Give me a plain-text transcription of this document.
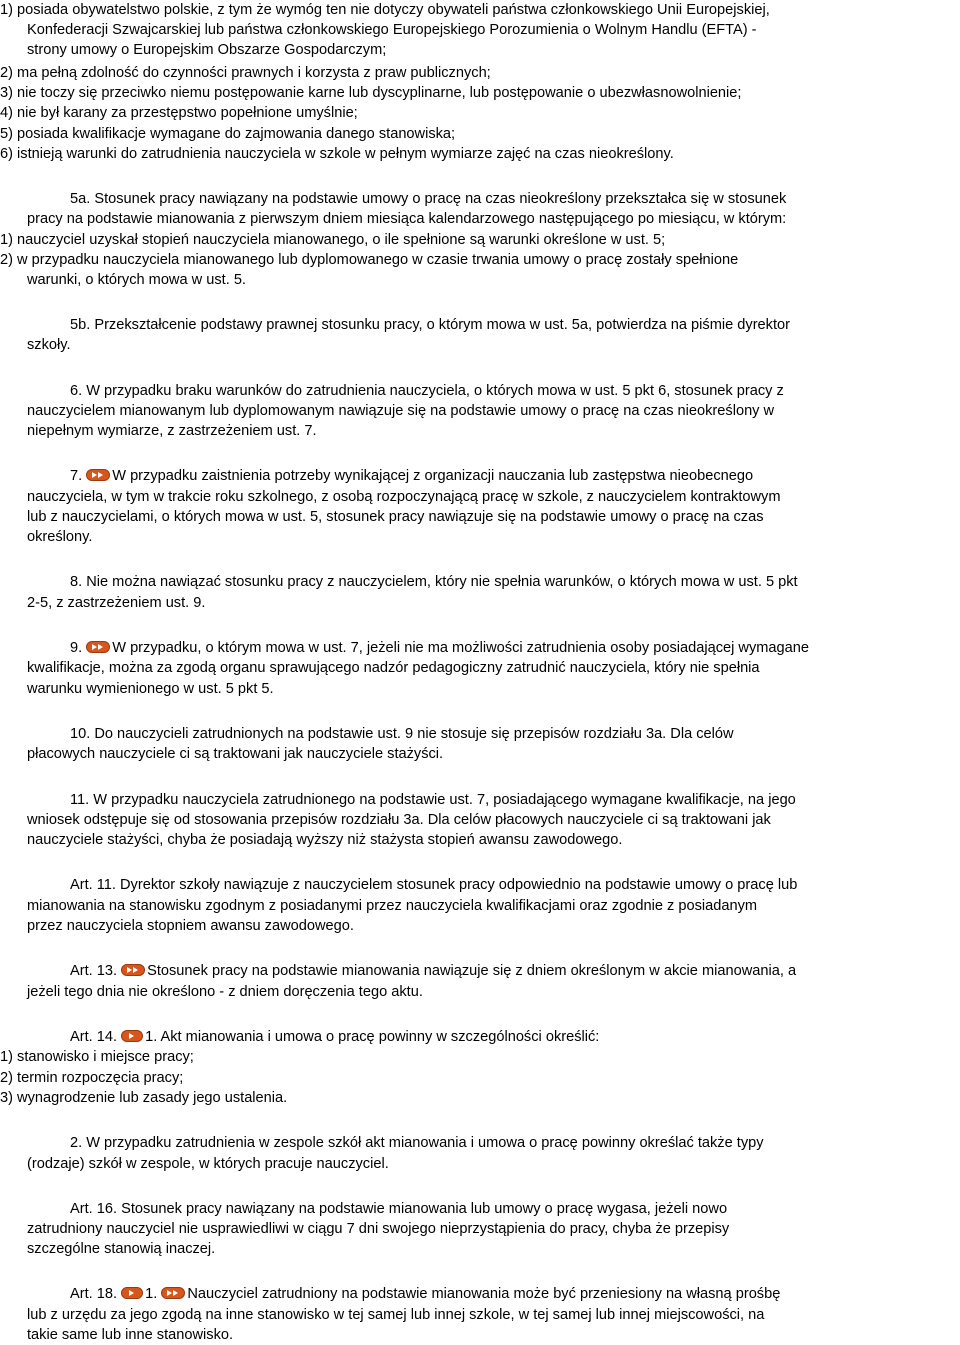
1) posiada obywatelstwo polskie, z tym że wymóg ten nie dotyczy obywateli państwa członkowskiego Unii Europejskiej,
Konfederacji Szwajcarskiej lub państwa członkowskiego Europejskiego Porozumienia o Wolnym Handlu (EFTA) -
strony umowy o Europejskim Obszarze Gospodarczym;
2) ma pełną zdolność do czynności prawnych i korzysta z praw publicznych;
3) nie toczy się przeciwko niemu postępowanie karne lub dyscyplinarne, lub postępowanie o ubezwłasnowolnienie;
4) nie był karany za przestępstwo popełnione umyślnie;
5) posiada kwalifikacje wymagane do zajmowania danego stanowiska;
6) istnieją warunki do zatrudnienia nauczyciela w szkole w pełnym wymiarze zajęć na czas nieokreślony.
5a. Stosunek pracy nawiązany na podstawie umowy o pracę na czas nieokreślony przekształca się w stosunek
pracy na podstawie mianowania z pierwszym dniem miesiąca kalendarzowego następującego po miesiącu, w którym:
1) nauczyciel uzyskał stopień nauczyciela mianowanego, o ile spełnione są warunki określone w ust. 5;
2) w przypadku nauczyciela mianowanego lub dyplomowanego w czasie trwania umowy o pracę zostały spełnione
warunki, o których mowa w ust. 5.
5b. Przekształcenie podstawy prawnej stosunku pracy, o którym mowa w ust. 5a, potwierdza na piśmie dyrektor
szkoły.
6. W przypadku braku warunków do zatrudnienia nauczyciela, o których mowa w ust. 5 pkt 6, stosunek pracy z
nauczycielem mianowanym lub dyplomowanym nawiązuje się na podstawie umowy o pracę na czas nieokreślony w
niepełnym wymiarze, z zastrzeżeniem ust. 7.
7. W przypadku zaistnienia potrzeby wynikającej z organizacji nauczania lub zastępstwa nieobecnego
nauczyciela, w tym w trakcie roku szkolnego, z osobą rozpoczynającą pracę w szkole, z nauczycielem kontraktowym
lub z nauczycielami, o których mowa w ust. 5, stosunek pracy nawiązuje się na podstawie umowy o pracę na czas
określony.
8. Nie można nawiązać stosunku pracy z nauczycielem, który nie spełnia warunków, o których mowa w ust. 5 pkt
2-5, z zastrzeżeniem ust. 9.
9. W przypadku, o którym mowa w ust. 7, jeżeli nie ma możliwości zatrudnienia osoby posiadającej wymagane
kwalifikacje, można za zgodą organu sprawującego nadzór pedagogiczny zatrudnić nauczyciela, który nie spełnia
warunku wymienionego w ust. 5 pkt 5.
10. Do nauczycieli zatrudnionych na podstawie ust. 9 nie stosuje się przepisów rozdziału 3a. Dla celów
płacowych nauczyciele ci są traktowani jak nauczyciele stażyści.
11. W przypadku nauczyciela zatrudnionego na podstawie ust. 7, posiadającego wymagane kwalifikacje, na jego
wniosek odstępuje się od stosowania przepisów rozdziału 3a. Dla celów płacowych nauczyciele ci są traktowani jak
nauczyciele stażyści, chyba że posiadają wyższy niż stażysta stopień awansu zawodowego.
Art. 11. Dyrektor szkoły nawiązuje z nauczycielem stosunek pracy odpowiednio na podstawie umowy o pracę lub
mianowania na stanowisku zgodnym z posiadanymi przez nauczyciela kwalifikacjami oraz zgodnie z posiadanym
przez nauczyciela stopniem awansu zawodowego.
Art. 13. Stosunek pracy na podstawie mianowania nawiązuje się z dniem określonym w akcie mianowania, a
jeżeli tego dnia nie określono - z dniem doręczenia tego aktu.
Art. 14. 1. Akt mianowania i umowa o pracę powinny w szczególności określić:
1) stanowisko i miejsce pracy;
2) termin rozpoczęcia pracy;
3) wynagrodzenie lub zasady jego ustalenia.
2. W przypadku zatrudnienia w zespole szkół akt mianowania i umowa o pracę powinny określać także typy
(rodzaje) szkół w zespole, w których pracuje nauczyciel.
Art. 16. Stosunek pracy nawiązany na podstawie mianowania lub umowy o pracę wygasa, jeżeli nowo
zatrudniony nauczyciel nie usprawiedliwi w ciągu 7 dni swojego nieprzystąpienia do pracy, chyba że przepisy
szczególne stanowią inaczej.
Art. 18. 1. Nauczyciel zatrudniony na podstawie mianowania może być przeniesiony na własną prośbę
lub z urzędu za jego zgodą na inne stanowisko w tej samej lub innej szkole, w tej samej lub innej miejscowości, na
takie same lub inne stanowisko.
